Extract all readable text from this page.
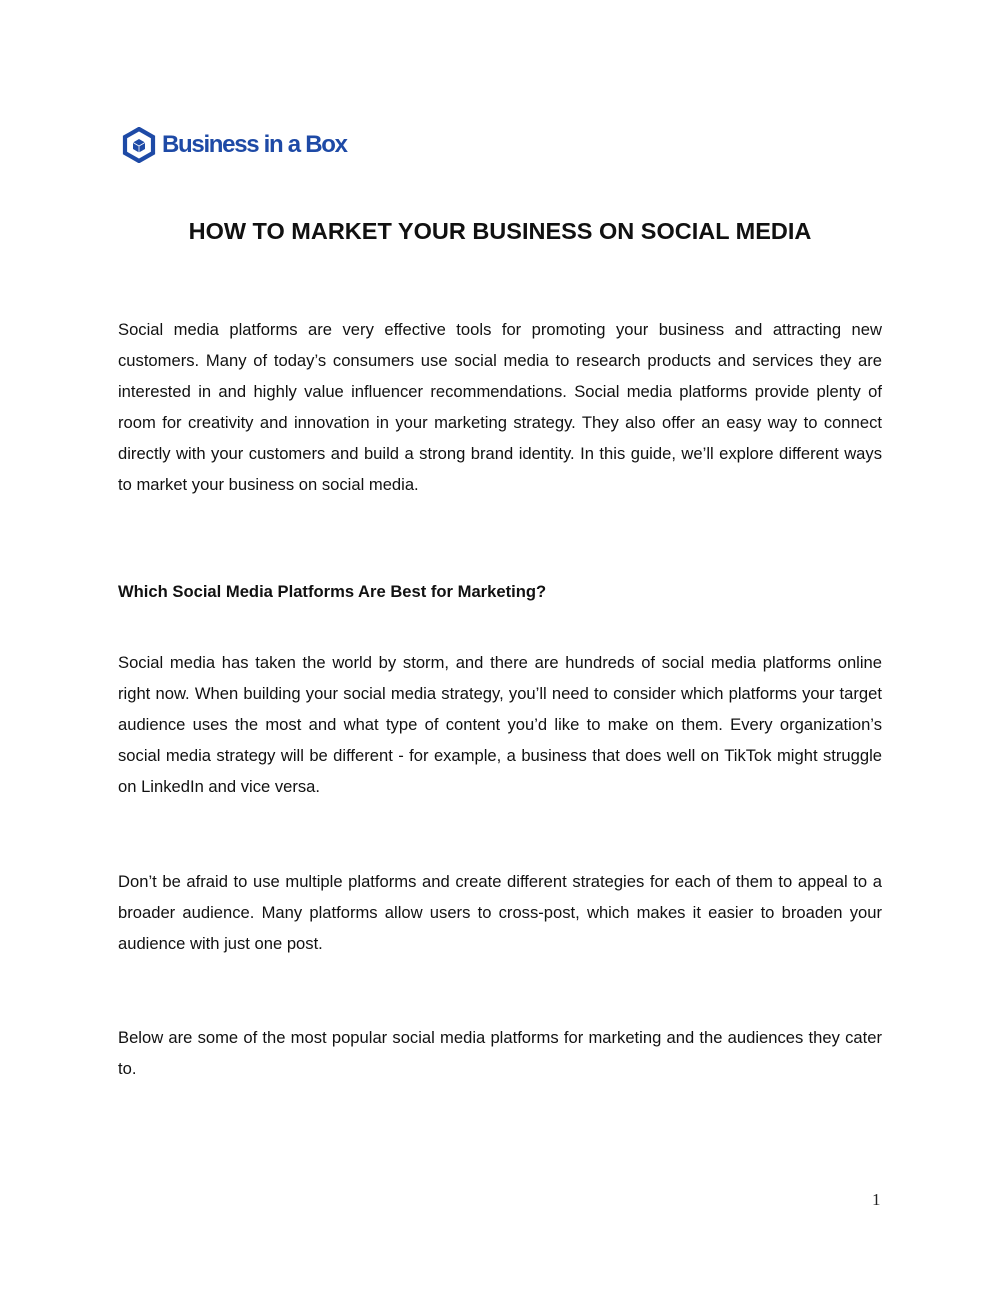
Business in a Box
HOW TO MARKET YOUR BUSINESS ON SOCIAL MEDIA

Social media platforms are very effective tools for promoting your business and attracting new customers. Many of today’s consumers use social media to research products and services they are interested in and highly value influencer recommendations. Social media platforms provide plenty of room for creativity and innovation in your marketing strategy. They also offer an easy way to connect directly with your customers and build a strong brand identity. In this guide, we’ll explore different ways to market your business on social media.

Which Social Media Platforms Are Best for Marketing?

Social media has taken the world by storm, and there are hundreds of social media platforms online right now. When building your social media strategy, you’ll need to consider which platforms your target audience uses the most and what type of content you’d like to make on them. Every organization’s social media strategy will be different - for example, a business that does well on TikTok might struggle on LinkedIn and vice versa.

Don’t be afraid to use multiple platforms and create different strategies for each of them to appeal to a broader audience. Many platforms allow users to cross-post, which makes it easier to broaden your audience with just one post.

Below are some of the most popular social media platforms for marketing and the audiences they cater to.

1
